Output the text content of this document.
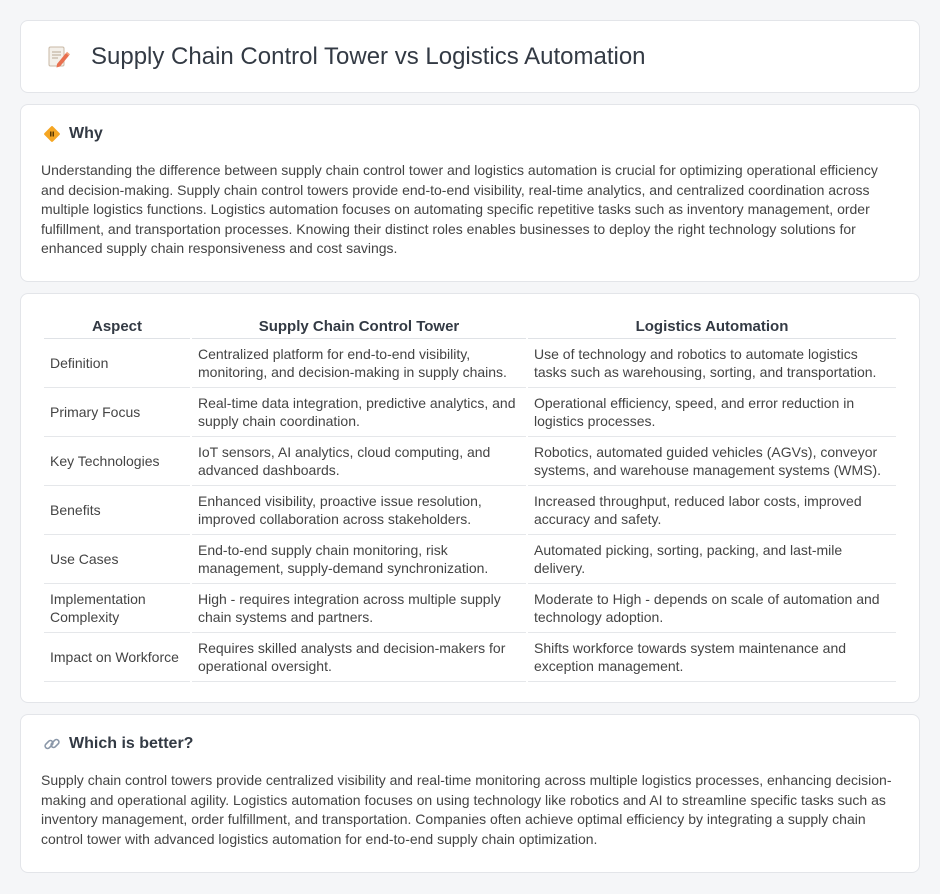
Supply Chain Control Tower vs Logistics Automation
Why

Understanding the difference between supply chain control tower and logistics automation is crucial for optimizing operational efficiency and decision-making. Supply chain control towers provide end-to-end visibility, real-time analytics, and centralized coordination across multiple logistics functions. Logistics automation focuses on automating specific repetitive tasks such as inventory management, order fulfillment, and transportation processes. Knowing their distinct roles enables businesses to deploy the right technology solutions for enhanced supply chain responsiveness and cost savings.

Aspect	Supply Chain Control Tower	Logistics Automation
Definition	Centralized platform for end-to-end visibility, monitoring, and decision-making in supply chains.	Use of technology and robotics to automate logistics tasks such as warehousing, sorting, and transportation.
Primary Focus	Real-time data integration, predictive analytics, and supply chain coordination.	Operational efficiency, speed, and error reduction in logistics processes.
Key Technologies	IoT sensors, AI analytics, cloud computing, and advanced dashboards.	Robotics, automated guided vehicles (AGVs), conveyor systems, and warehouse management systems (WMS).
Benefits	Enhanced visibility, proactive issue resolution, improved collaboration across stakeholders.	Increased throughput, reduced labor costs, improved accuracy and safety.
Use Cases	End-to-end supply chain monitoring, risk management, supply-demand synchronization.	Automated picking, sorting, packing, and last-mile delivery.
Implementation Complexity	High - requires integration across multiple supply chain systems and partners.	Moderate to High - depends on scale of automation and technology adoption.
Impact on Workforce	Requires skilled analysts and decision-makers for operational oversight.	Shifts workforce towards system maintenance and exception management.
Which is better?

Supply chain control towers provide centralized visibility and real-time monitoring across multiple logistics processes, enhancing decision-making and operational agility. Logistics automation focuses on using technology like robotics and AI to streamline specific tasks such as inventory management, order fulfillment, and transportation. Companies often achieve optimal efficiency by integrating a supply chain control tower with advanced logistics automation for end-to-end supply chain optimization.
